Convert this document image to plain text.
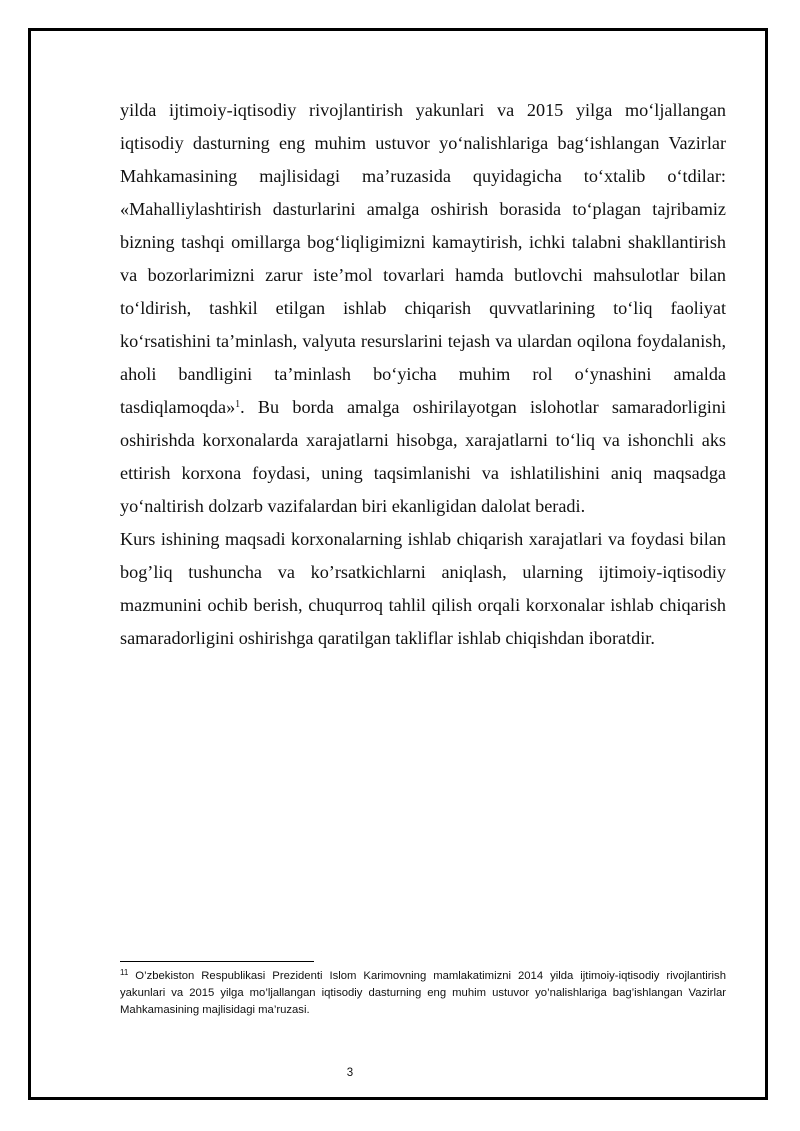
yilda ijtimoiy-iqtisodiy rivojlantirish yakunlari va 2015 yilga mo‘ljallangan iqtisodiy dasturning eng muhim ustuvor yo‘nalishlariga bag‘ishlangan Vazirlar Mahkamasining majlisidagi ma’ruzasida quyidagicha to‘xtalib o‘tdilar: «Mahalliylashtirish dasturlarini amalga oshirish borasida to‘plagan tajribamiz bizning tashqi omillarga bog‘liqligimizni kamaytirish, ichki talabni shakllantirish va bozorlarimizni zarur iste’mol tovarlari hamda butlovchi mahsulotlar bilan to‘ldirish, tashkil etilgan ishlab chiqarish quvvatlarining to‘liq faoliyat ko‘rsatishini ta’minlash, valyuta resurslarini tejash va ulardan oqilona foydalanish, aholi bandligini ta’minlash bo‘yicha muhim rol o‘ynashini amalda tasdiqlamoqda»$^1$. Bu borda amalga oshirilayotgan islohotlar samaradorligini oshirishda korxonalarda xarajatlarni hisobga, xarajatlarni to‘liq va ishonchli aks ettirish korxona foydasi, uning taqsimlanishi va ishlatilishini aniq maqsadga yo‘naltirish dolzarb vazifalardan biri ekanligidan dalolat beradi.

Kurs ishining maqsadi korxonalarning ishlab chiqarish xarajatlari va foydasi bilan bog’liq tushuncha va ko’rsatkichlarni aniqlash, ularning ijtimoiy-iqtisodiy mazmunini ochib berish, chuqurroq tahlil qilish orqali korxonalar ishlab chiqarish samaradorligini oshirishga qaratilgan takliflar ishlab chiqishdan iboratdir.

$^{11}$ O’zbekiston Respublikasi Prezidenti Islom Karimovning mamlakatimizni 2014 yilda ijtimoiy-iqtisodiy rivojlantirish yakunlari va 2015 yilga mo’ljallangan iqtisodiy dasturning eng muhim ustuvor yo’nalishlariga bag’ishlangan Vazirlar Mahkamasining majlisidagi ma’ruzasi.

3
